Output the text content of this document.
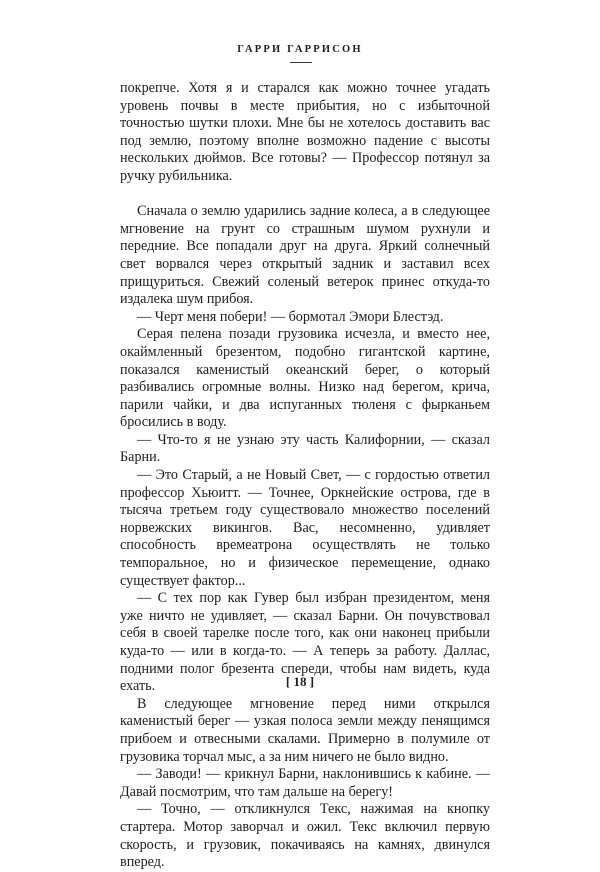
ГАРРИ ГАРРИСОН

покрепче. Хотя я и старался как можно точнее угадать уровень почвы в месте прибытия, но с избыточной точностью шутки плохи. Мне бы не хотелось доставить вас под землю, поэтому вполне возможно падение с высоты нескольких дюймов. Все готовы? — Профессор потянул за ручку рубильника.

Сначала о землю ударились задние колеса, а в следующее мгновение на грунт со страшным шумом рухнули и передние. Все попадали друг на друга. Яркий солнечный свет ворвался через открытый задник и заставил всех прищуриться. Свежий соленый ветерок принес откуда-то издалека шум прибоя.

— Черт меня побери! — бормотал Эмори Блестэд.

Серая пелена позади грузовика исчезла, и вместо нее, окаймленный брезентом, подобно гигантской картине, показался каменистый океанский берег, о который разбивались огромные волны. Низко над берегом, крича, парили чайки, и два испуганных тюленя с фырканьем бросились в воду.

— Что-то я не узнаю эту часть Калифорнии, — сказал Барни.

— Это Старый, а не Новый Свет, — с гордостью ответил профессор Хьюитт. — Точнее, Оркнейские острова, где в тысяча третьем году существовало множество поселений норвежских викингов. Вас, несомненно, удивляет способность времеатрона осуществлять не только темпоральное, но и физическое перемещение, однако существует фактор...

— С тех пор как Гувер был избран президентом, меня уже ничто не удивляет, — сказал Барни. Он почувствовал себя в своей тарелке после того, как они наконец прибыли куда-то — или в когда-то. — А теперь за работу. Даллас, подними полог брезента спереди, чтобы нам видеть, куда ехать.

В следующее мгновение перед ними открылся каменистый берег — узкая полоса земли между пенящимся прибоем и отвесными скалами. Примерно в полумиле от грузовика торчал мыс, а за ним ничего не было видно.

— Заводи! — крикнул Барни, наклонившись к кабине. — Давай посмотрим, что там дальше на берегу!

— Точно, — откликнулся Текс, нажимая на кнопку стартера. Мотор заворчал и ожил. Текс включил первую скорость, и грузовик, покачиваясь на камнях, двинулся вперед.

[ 18 ]
